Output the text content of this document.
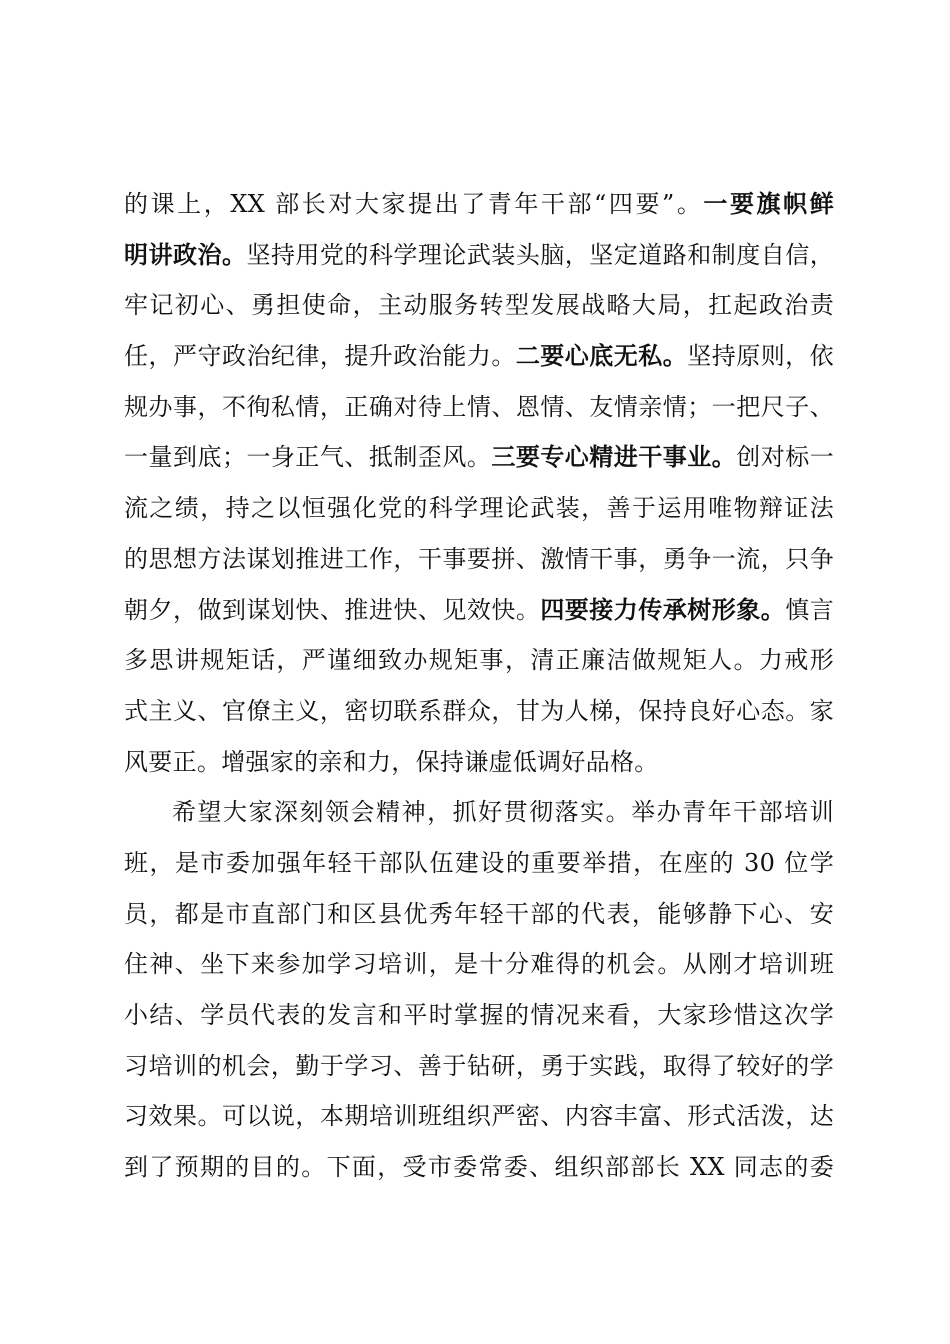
的课上，XX 部长对大家提出了青年干部“四要”。一要旗帜鲜
明讲政治。坚持用党的科学理论武装头脑，坚定道路和制度自信，
牢记初心、勇担使命，主动服务转型发展战略大局，扛起政治责
任，严守政治纪律，提升政治能力。二要心底无私。坚持原则，依
规办事，不徇私情，正确对待上情、恩情、友情亲情；一把尺子、
一量到底；一身正气、抵制歪风。三要专心精进干事业。创对标一
流之绩，持之以恒强化党的科学理论武装，善于运用唯物辩证法
的思想方法谋划推进工作，干事要拼、激情干事，勇争一流，只争
朝夕，做到谋划快、推进快、见效快。四要接力传承树形象。慎言
多思讲规矩话，严谨细致办规矩事，清正廉洁做规矩人。力戒形
式主义、官僚主义，密切联系群众，甘为人梯，保持良好心态。家
风要正。增强家的亲和力，保持谦虚低调好品格。
希望大家深刻领会精神，抓好贯彻落实。举办青年干部培训
班，是市委加强年轻干部队伍建设的重要举措，在座的 30 位学
员，都是市直部门和区县优秀年轻干部的代表，能够静下心、安
住神、坐下来参加学习培训，是十分难得的机会。从刚才培训班
小结、学员代表的发言和平时掌握的情况来看，大家珍惜这次学
习培训的机会，勤于学习、善于钻研，勇于实践，取得了较好的学
习效果。可以说，本期培训班组织严密、内容丰富、形式活泼，达
到了预期的目的。下面，受市委常委、组织部部长 XX 同志的委
